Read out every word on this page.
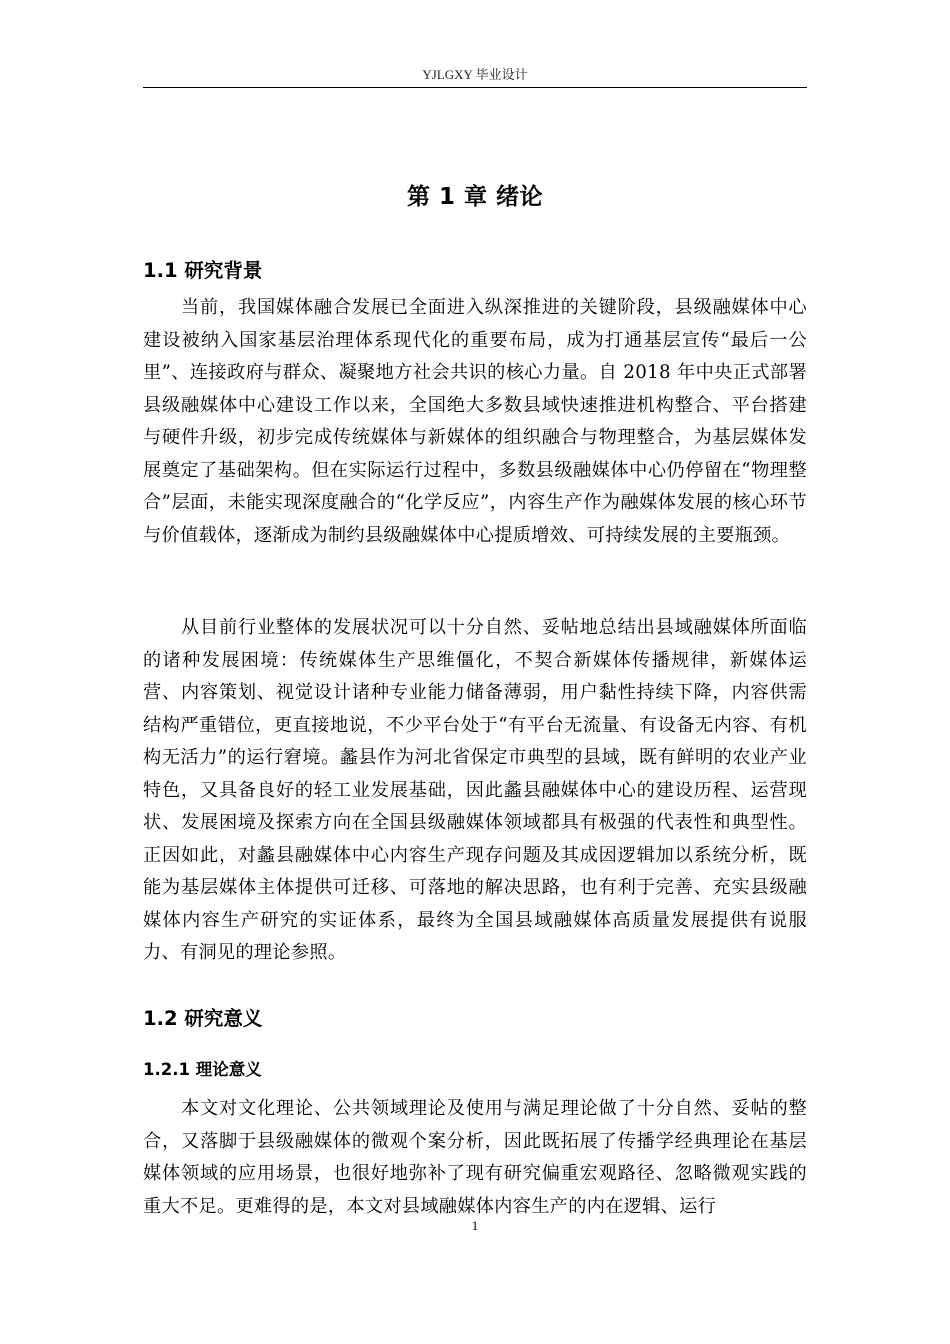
YJLGXY 毕业设计
第 1 章 绪论
1.1 研究背景
当前，我国媒体融合发展已全面进入纵深推进的关键阶段，县级融媒体中心建设被纳入国家基层治理体系现代化的重要布局，成为打通基层宣传“最后一公里”、连接政府与群众、凝聚地方社会共识的核心力量。自 2018 年中央正式部署县级融媒体中心建设工作以来，全国绝大多数县域快速推进机构整合、平台搭建与硬件升级，初步完成传统媒体与新媒体的组织融合与物理整合，为基层媒体发展奠定了基础架构。但在实际运行过程中，多数县级融媒体中心仍停留在“物理整合”层面，未能实现深度融合的“化学反应”，内容生产作为融媒体发展的核心环节与价值载体，逐渐成为制约县级融媒体中心提质增效、可持续发展的主要瓶颈。
从目前行业整体的发展状况可以十分自然、妥帖地总结出县域融媒体所面临的诸种发展困境：传统媒体生产思维僵化，不契合新媒体传播规律，新媒体运营、内容策划、视觉设计诸种专业能力储备薄弱，用户黏性持续下降，内容供需结构严重错位，更直接地说，不少平台处于“有平台无流量、有设备无内容、有机构无活力”的运行窘境。蠡县作为河北省保定市典型的县域，既有鲜明的农业产业特色，又具备良好的轻工业发展基础，因此蠡县融媒体中心的建设历程、运营现状、发展困境及探索方向在全国县级融媒体领域都具有极强的代表性和典型性。正因如此，对蠡县融媒体中心内容生产现存问题及其成因逻辑加以系统分析，既能为基层媒体主体提供可迁移、可落地的解决思路，也有利于完善、充实县级融媒体内容生产研究的实证体系，最终为全国县域融媒体高质量发展提供有说服力、有洞见的理论参照。
1.2 研究意义
1.2.1 理论意义
本文对文化理论、公共领域理论及使用与满足理论做了十分自然、妥帖的整合，又落脚于县级融媒体的微观个案分析，因此既拓展了传播学经典理论在基层媒体领域的应用场景，也很好地弥补了现有研究偏重宏观路径、忽略微观实践的重大不足。更难得的是，本文对县域融媒体内容生产的内在逻辑、运行
1
